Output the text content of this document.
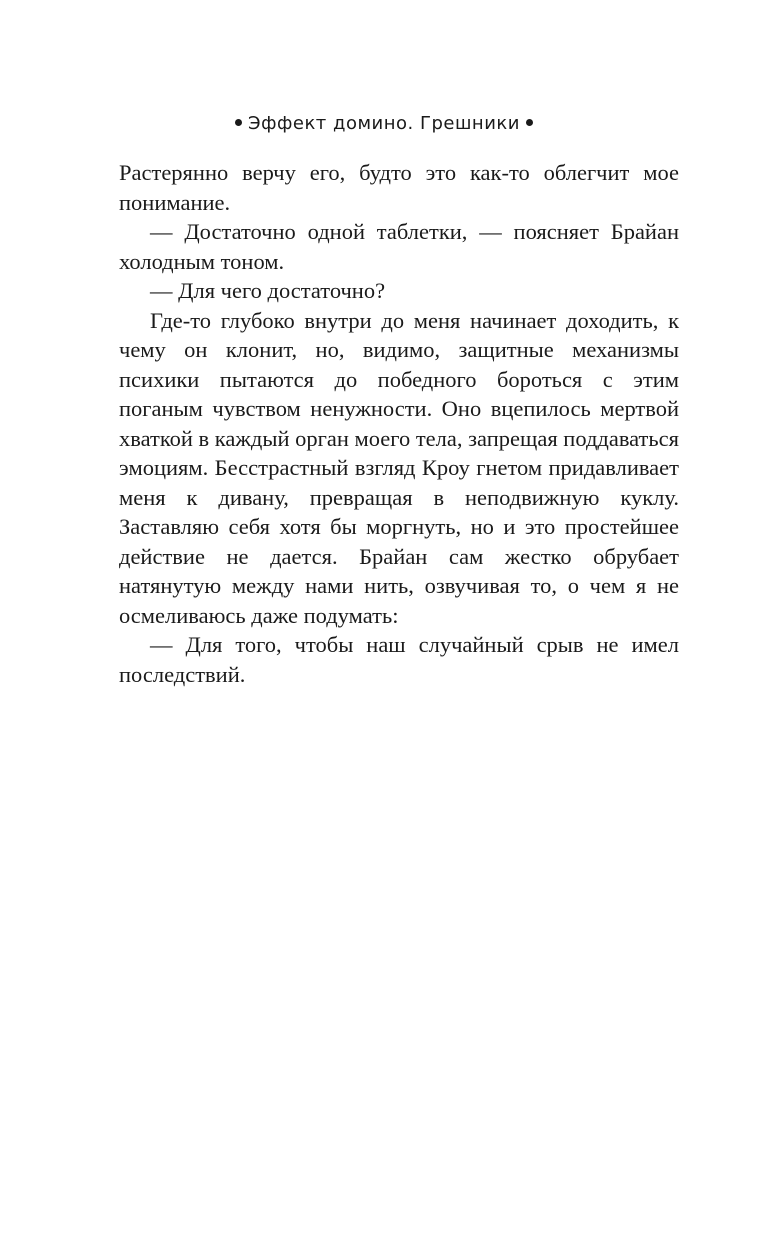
Эффект домино. Грешники

Растерянно верчу его, будто это как-то облегчит мое понимание.

— Достаточно одной таблетки, — поясняет Брайан холодным тоном.

— Для чего достаточно?

Где-то глубоко внутри до меня начинает доходить, к чему он клонит, но, видимо, защитные механизмы психики пытаются до победного бороться с этим поганым чувством ненужности. Оно вцепилось мертвой хваткой в каждый орган моего тела, запрещая поддаваться эмоциям. Бесстрастный взгляд Кроу гнетом придавливает меня к дивану, превращая в неподвижную куклу. Заставляю себя хотя бы моргнуть, но и это простейшее действие не дается. Брайан сам жестко обрубает натянутую между нами нить, озвучивая то, о чем я не осмеливаюсь даже подумать:

— Для того, чтобы наш случайный срыв не имел последствий.
